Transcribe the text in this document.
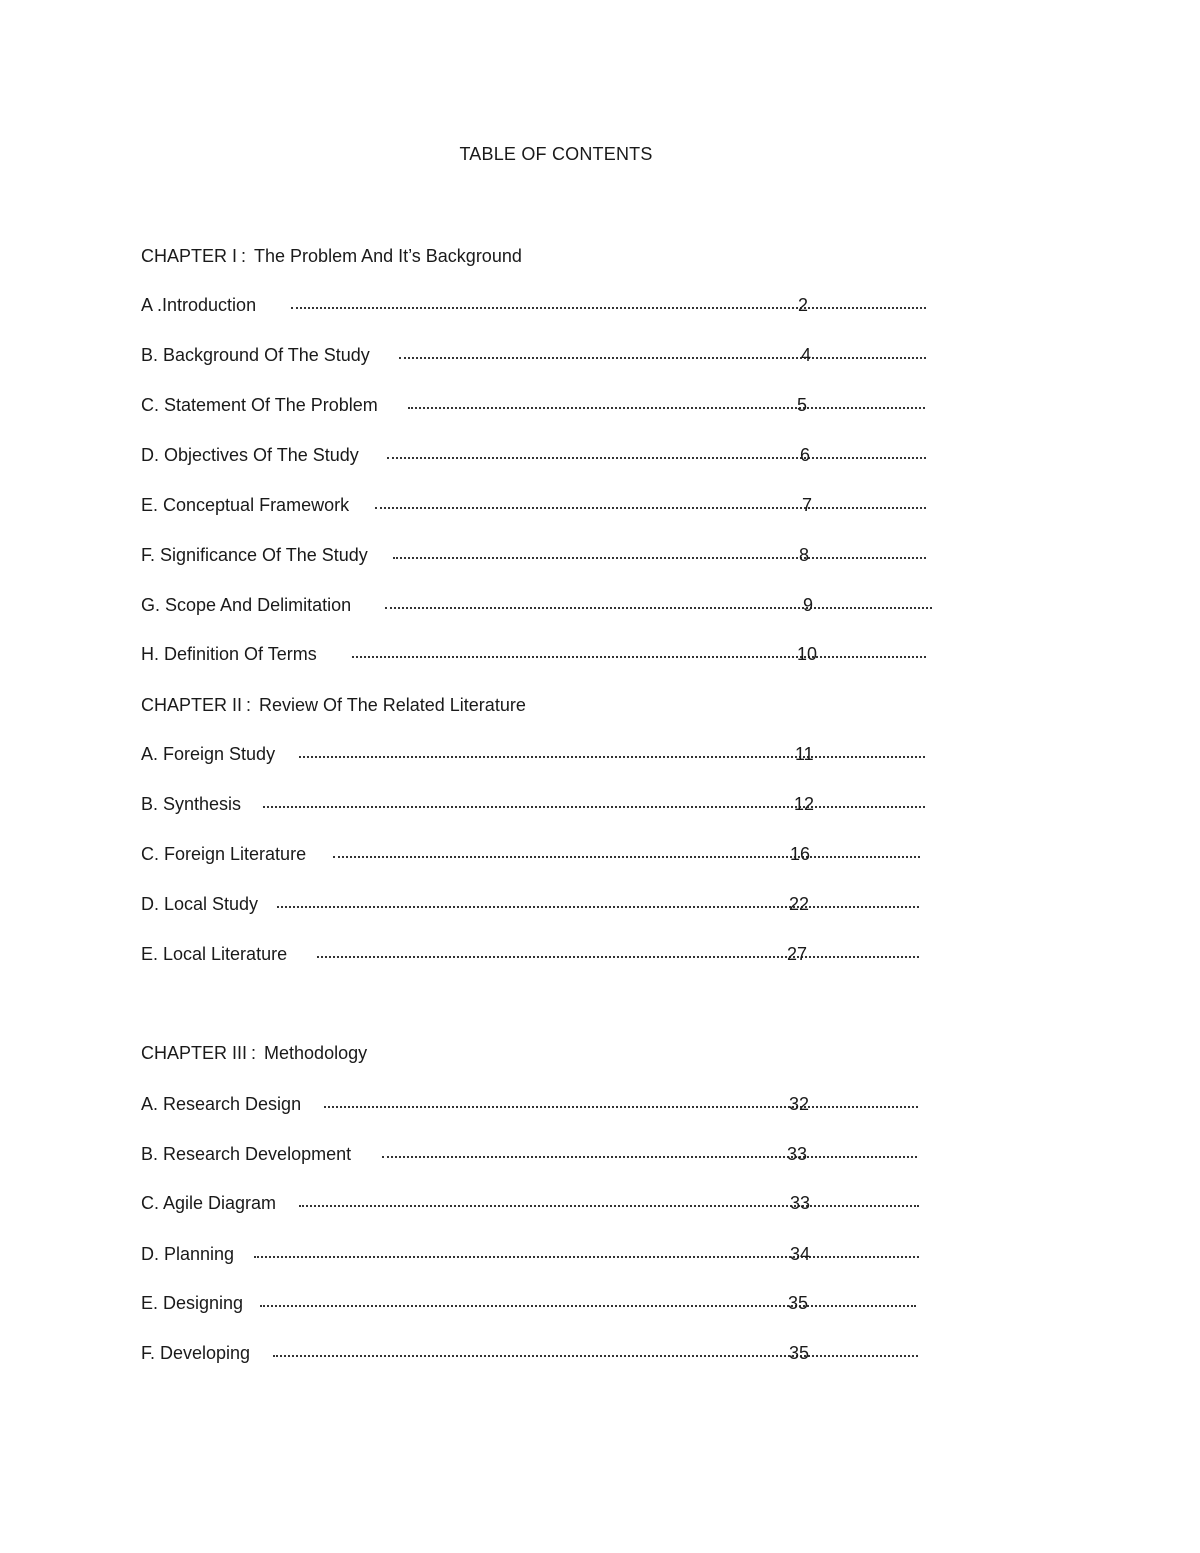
TABLE OF CONTENTS
CHAPTER I : The Problem And It’s Background
A .Introduction	2
B. Background Of The Study	4
C. Statement Of The Problem	5
D. Objectives Of The Study	6
E. Conceptual Framework	7
F. Significance Of The Study	8
G. Scope And Delimitation	9
H. Definition Of Terms	10
CHAPTER II : Review Of The Related Literature
A. Foreign Study	11
B. Synthesis	12
C. Foreign Literature	16
D. Local Study	22
E. Local Literature	27
CHAPTER III : Methodology
A. Research Design	32
B. Research Development	33
C. Agile Diagram	33
D. Planning	34
E. Designing	35
F. Developing	35
